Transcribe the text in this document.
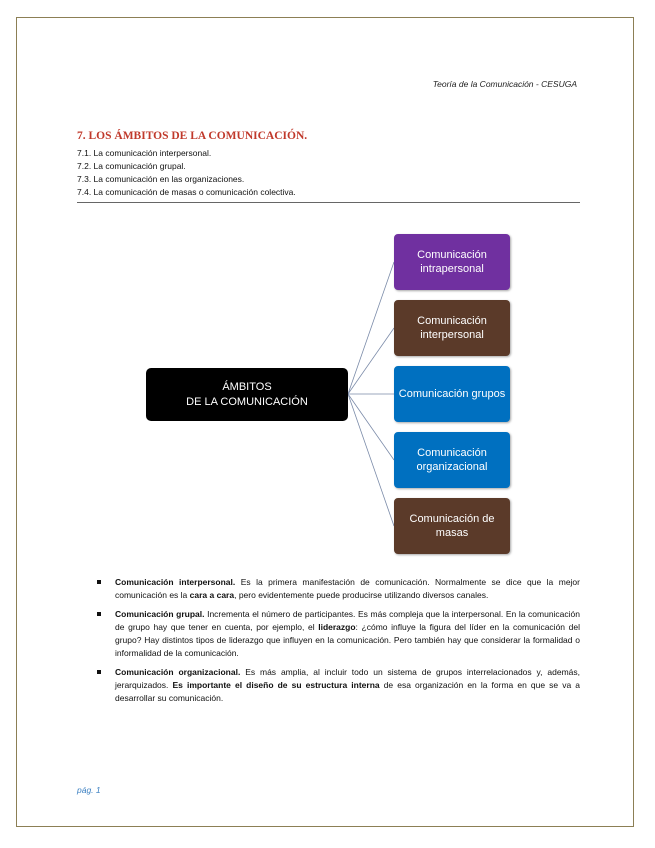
Teoría de la Comunicación - CESUGA
7. LOS ÁMBITOS DE LA COMUNICACIÓN.
7.1. La comunicación interpersonal.
7.2. La comunicación grupal.
7.3. La comunicación en las organizaciones.
7.4. La comunicación de masas o comunicación colectiva.
ÁMBITOS
DE LA COMUNICACIÓN
Comunicación intrapersonal
Comunicación interpersonal
Comunicación grupos
Comunicación organizacional
Comunicación de masas
Comunicación interpersonal. Es la primera manifestación de comunicación. Normalmente se dice que la mejor comunicación es la cara a cara, pero evidentemente puede producirse utilizando diversos canales.
Comunicación grupal. Incrementa el número de participantes. Es más compleja que la interpersonal. En la comunicación de grupo hay que tener en cuenta, por ejemplo, el liderazgo: ¿cómo influye la figura del líder en la comunicación del grupo? Hay distintos tipos de liderazgo que influyen en la comunicación. Pero también hay que considerar la formalidad o informalidad de la comunicación.
Comunicación organizacional. Es más amplia, al incluir todo un sistema de grupos interrelacionados y, además, jerarquizados. Es importante el diseño de su estructura interna de esa organización en la forma en que se va a desarrollar su comunicación.
pág. 1
